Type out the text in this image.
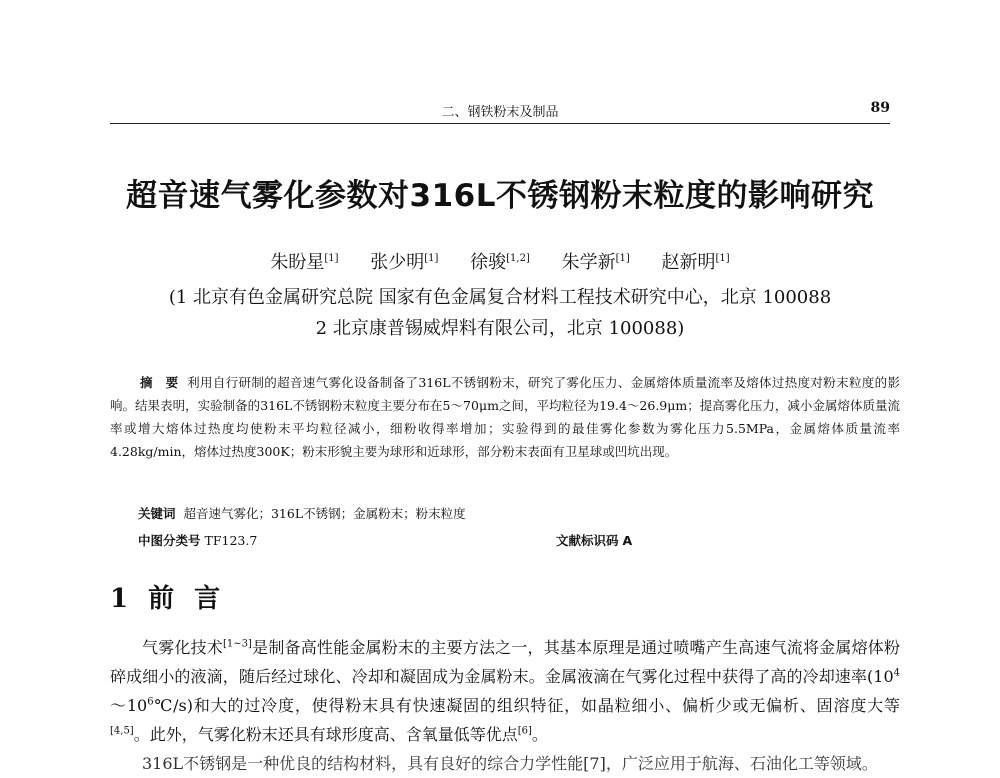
二、钢铁粉末及制品	89
超音速气雾化参数对316L不锈钢粉末粒度的影响研究
朱盼星[1] 张少明[1] 徐骏[1,2] 朱学新[1] 赵新明[1]
(1 北京有色金属研究总院 国家有色金属复合材料工程技术研究中心，北京 100088
2 北京康普锡威焊料有限公司，北京 100088)
摘　要 利用自行研制的超音速气雾化设备制备了316L不锈钢粉末，研究了雾化压力、金属熔体质量流率及熔体过热度对粉末粒度的影响。结果表明，实验制备的316L不锈钢粉末粒度主要分布在5～70μm之间，平均粒径为19.4～26.9μm；提高雾化压力，减小金属熔体质量流率或增大熔体过热度均使粉末平均粒径减小，细粉收得率增加；实验得到的最佳雾化参数为雾化压力5.5MPa，金属熔体质量流率4.28kg/min，熔体过热度300K；粉末形貌主要为球形和近球形，部分粉末表面有卫星球或凹坑出现。
关键词 超音速气雾化；316L不锈钢；金属粉末；粉末粒度
中图分类号 TF123.7	文献标识码 A
1 前言
气雾化技术[1~3]是制备高性能金属粉末的主要方法之一，其基本原理是通过喷嘴产生高速气流将金属熔体粉碎成细小的液滴，随后经过球化、冷却和凝固成为金属粉末。金属液滴在气雾化过程中获得了高的冷却速率$(10^4\sim 10^6℃/s)$和大的过冷度，使得粉末具有快速凝固的组织特征，如晶粒细小、偏析少或无偏析、固溶度大等[4,5]。此外，气雾化粉末还具有球形度高、含氧量低等优点[6]。
316L不锈钢是一种优良的结构材料，具有良好的综合力学性能[7]，广泛应用于航海、石油化工等领域。
